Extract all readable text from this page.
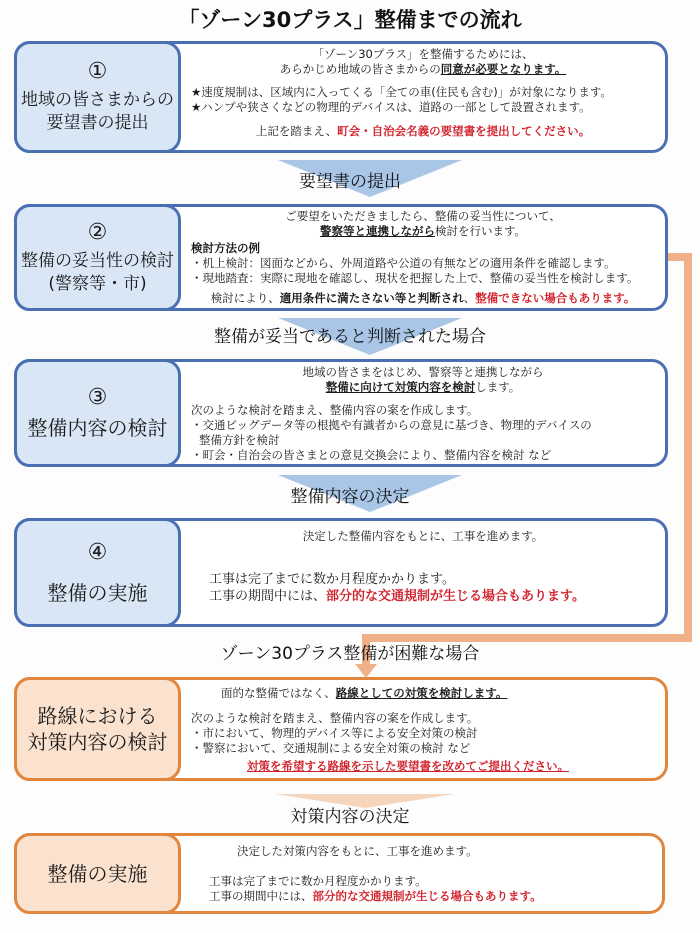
「ゾーン30プラス」整備までの流れ
①
地域の皆さまからの
要望書の提出
「ゾーン30プラス」を整備するためには、
あらかじめ地域の皆さまからの同意が必要となります。
★速度規制は、区域内に入ってくる「全ての車(住民も含む)」が対象になります。
★ハンプや狭さくなどの物理的デバイスは、道路の一部として設置されます。
上記を踏まえ、町会・自治会名義の要望書を提出してください。
要望書の提出
②
整備の妥当性の検討
(警察等・市)
ご要望をいただきましたら、整備の妥当性について、
警察等と連携しながら検討を行います。
検討方法の例
・机上検討：図面などから、外周道路や公道の有無などの適用条件を確認します。
・現地踏査：実際に現地を確認し、現状を把握した上で、整備の妥当性を検討します。
検討により、適用条件に満たさない等と判断され、整備できない場合もあります。
整備が妥当であると判断された場合
③
整備内容の検討
地域の皆さまをはじめ、警察等と連携しながら
整備に向けて対策内容を検討します。
次のような検討を踏まえ、整備内容の案を作成します。
・交通ビッグデータ等の根拠や有識者からの意見に基づき、物理的デバイスの
整備方針を検討
・町会・自治会の皆さまとの意見交換会により、整備内容を検討 など
整備内容の決定
④
整備の実施
決定した整備内容をもとに、工事を進めます。
工事は完了までに数か月程度かかります。
工事の期間中には、部分的な交通規制が生じる場合もあります。
ゾーン30プラス整備が困難な場合
路線における
対策内容の検討
面的な整備ではなく、路線としての対策を検討します。
次のような検討を踏まえ、整備内容の案を作成します。
・市において、物理的デバイス等による安全対策の検討
・警察において、交通規制による安全対策の検討 など
対策を希望する路線を示した要望書を改めてご提出ください。
対策内容の決定
整備の実施
決定した対策内容をもとに、工事を進めます。
工事は完了までに数か月程度かかります。
工事の期間中には、部分的な交通規制が生じる場合もあります。
